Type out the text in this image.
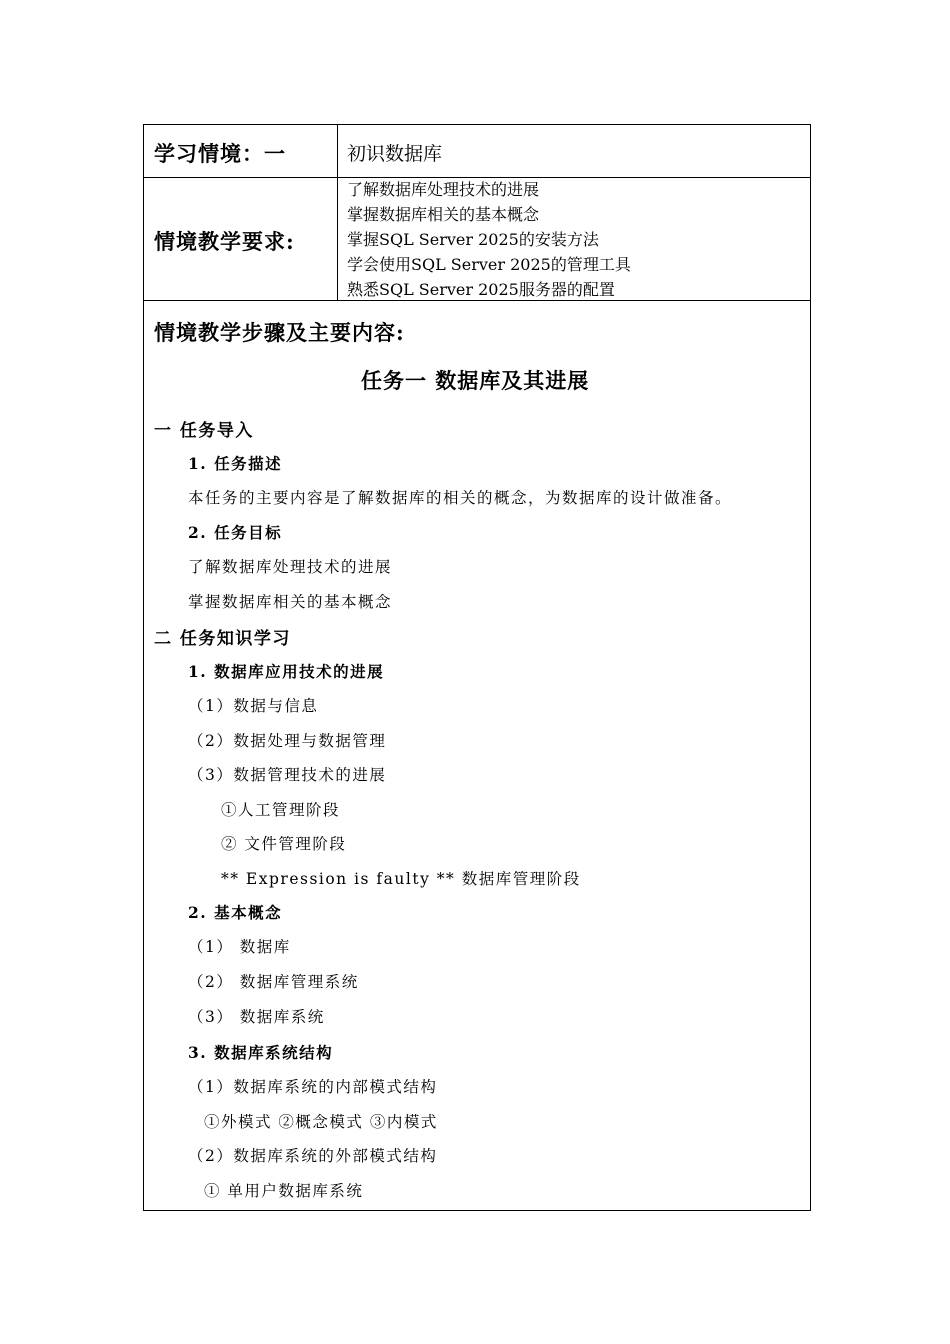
学习情境：一	初识数据库
情境教学要求:
了解数据库处理技术的进展
掌握数据库相关的基本概念
掌握SQL Server 2025的安装方法
学会使用SQL Server 2025的管理工具
熟悉SQL Server 2025服务器的配置
情境教学步骤及主要内容:
任务一 数据库及其进展
一 任务导入
1. 任务描述
本任务的主要内容是了解数据库的相关的概念，为数据库的设计做准备。
2. 任务目标
了解数据库处理技术的进展
掌握数据库相关的基本概念
二 任务知识学习
1. 数据库应用技术的进展
（1）数据与信息
（2）数据处理与数据管理
（3）数据管理技术的进展
①人工管理阶段
② 文件管理阶段
** Expression is faulty ** 数据库管理阶段
2. 基本概念
（1） 数据库
（2） 数据库管理系统
（3） 数据库系统
3. 数据库系统结构
（1）数据库系统的内部模式结构
①外模式 ②概念模式 ③内模式
（2）数据库系统的外部模式结构
① 单用户数据库系统
